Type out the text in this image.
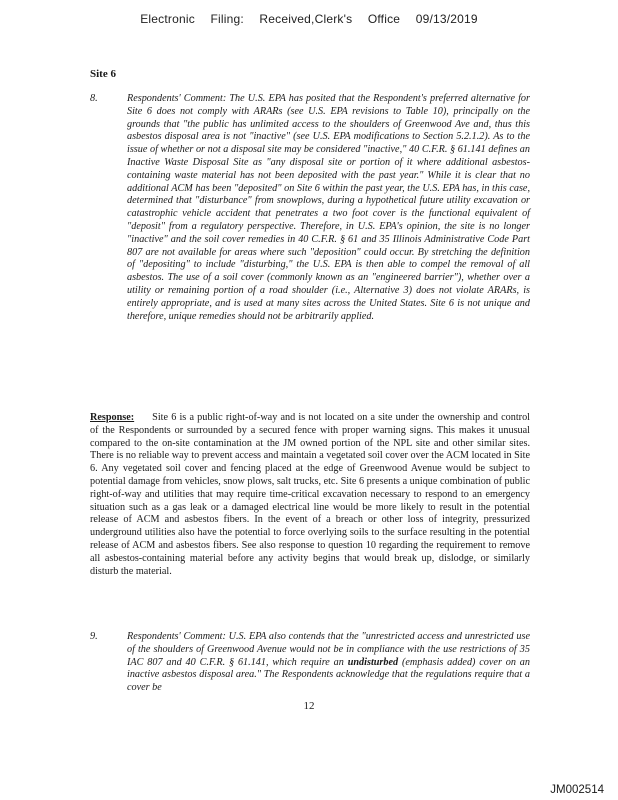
Electronic Filing: Received,Clerk's Office 09/13/2019
Site 6
8.	Respondents' Comment: The U.S. EPA has posited that the Respondent's preferred alternative for Site 6 does not comply with ARARs (see U.S. EPA revisions to Table 10), principally on the grounds that "the public has unlimited access to the shoulders of Greenwood Ave and, thus this asbestos disposal area is not "inactive" (see U.S. EPA modifications to Section 5.2.1.2). As to the issue of whether or not a disposal site may be considered "inactive," 40 C.F.R. § 61.141 defines an Inactive Waste Disposal Site as "any disposal site or portion of it where additional asbestos-containing waste material has not been deposited with the past year." While it is clear that no additional ACM has been "deposited" on Site 6 within the past year, the U.S. EPA has, in this case, determined that "disturbance" from snowplows, during a hypothetical future utility excavation or catastrophic vehicle accident that penetrates a two foot cover is the functional equivalent of "deposit" from a regulatory perspective. Therefore, in U.S. EPA's opinion, the site is no longer "inactive" and the soil cover remedies in 40 C.F.R. § 61 and 35 Illinois Administrative Code Part 807 are not available for areas where such "deposition" could occur. By stretching the definition of "depositing" to include "disturbing," the U.S. EPA is then able to compel the removal of all asbestos. The use of a soil cover (commonly known as an "engineered barrier"), whether over a utility or remaining portion of a road shoulder (i.e., Alternative 3) does not violate ARARs, is entirely appropriate, and is used at many sites across the United States. Site 6 is not unique and therefore, unique remedies should not be arbitrarily applied.
Response: Site 6 is a public right-of-way and is not located on a site under the ownership and control of the Respondents or surrounded by a secured fence with proper warning signs. This makes it unusual compared to the on-site contamination at the JM owned portion of the NPL site and other similar sites. There is no reliable way to prevent access and maintain a vegetated soil cover over the ACM located in Site 6. Any vegetated soil cover and fencing placed at the edge of Greenwood Avenue would be subject to potential damage from vehicles, snow plows, salt trucks, etc. Site 6 presents a unique combination of public right-of-way and utilities that may require time-critical excavation necessary to respond to an emergency situation such as a gas leak or a damaged electrical line would be more likely to result in the potential release of ACM and asbestos fibers. In the event of a breach or other loss of integrity, pressurized underground utilities also have the potential to force overlying soils to the surface resulting in the potential release of ACM and asbestos fibers. See also response to question 10 regarding the requirement to remove all asbestos-containing material before any activity begins that would break up, dislodge, or similarly disturb the material.
9.	Respondents' Comment: U.S. EPA also contends that the "unrestricted access and unrestricted use of the shoulders of Greenwood Avenue would not be in compliance with the use restrictions of 35 IAC 807 and 40 C.F.R. § 61.141, which require an undisturbed (emphasis added) cover on an inactive asbestos disposal area." The Respondents acknowledge that the regulations require that a cover be
12
JM002514
